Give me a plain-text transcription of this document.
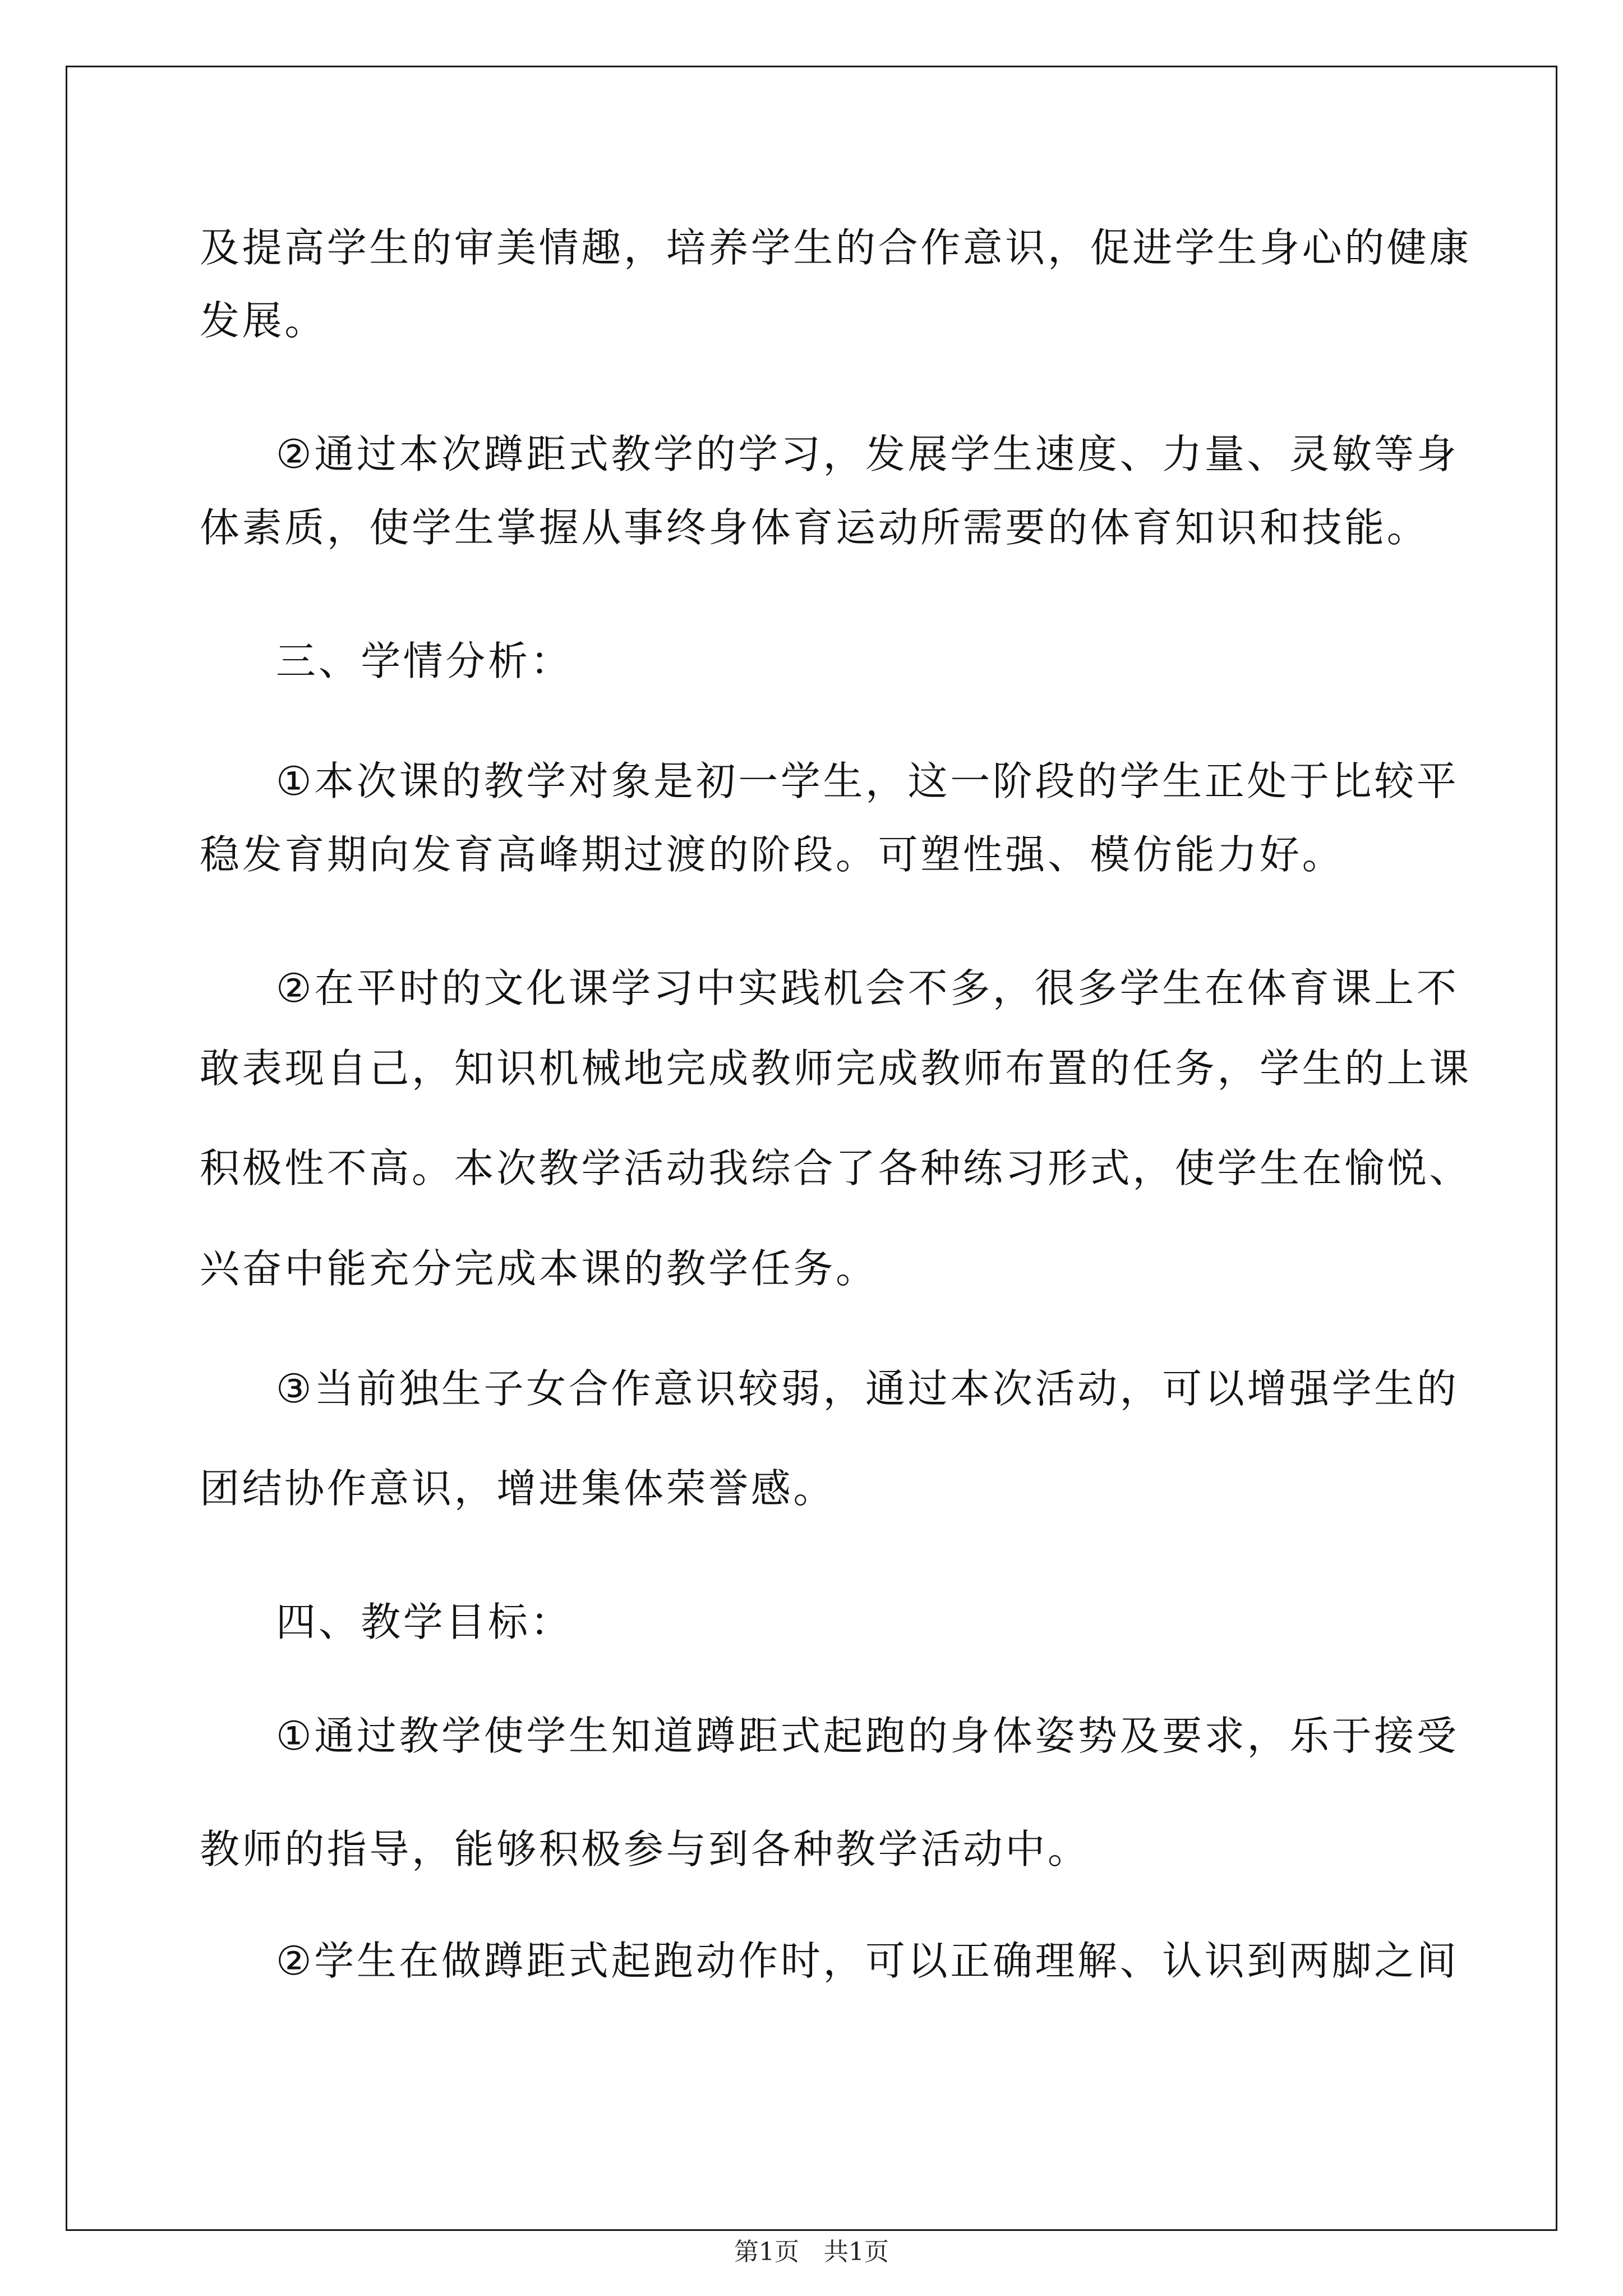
及提高学生的审美情趣，培养学生的合作意识，促进学生身心的健康
发展。
②通过本次蹲距式教学的学习，发展学生速度、力量、灵敏等身
体素质，使学生掌握从事终身体育运动所需要的体育知识和技能。
三、学情分析：
①本次课的教学对象是初一学生，这一阶段的学生正处于比较平
稳发育期向发育高峰期过渡的阶段。可塑性强、模仿能力好。
②在平时的文化课学习中实践机会不多，很多学生在体育课上不
敢表现自己，知识机械地完成教师完成教师布置的任务，学生的上课
积极性不高。本次教学活动我综合了各种练习形式，使学生在愉悦、
兴奋中能充分完成本课的教学任务。
③当前独生子女合作意识较弱，通过本次活动，可以增强学生的
团结协作意识，增进集体荣誉感。
四、教学目标：
①通过教学使学生知道蹲距式起跑的身体姿势及要求，乐于接受
教师的指导，能够积极参与到各种教学活动中。
②学生在做蹲距式起跑动作时，可以正确理解、认识到两脚之间
第1页　共1页
